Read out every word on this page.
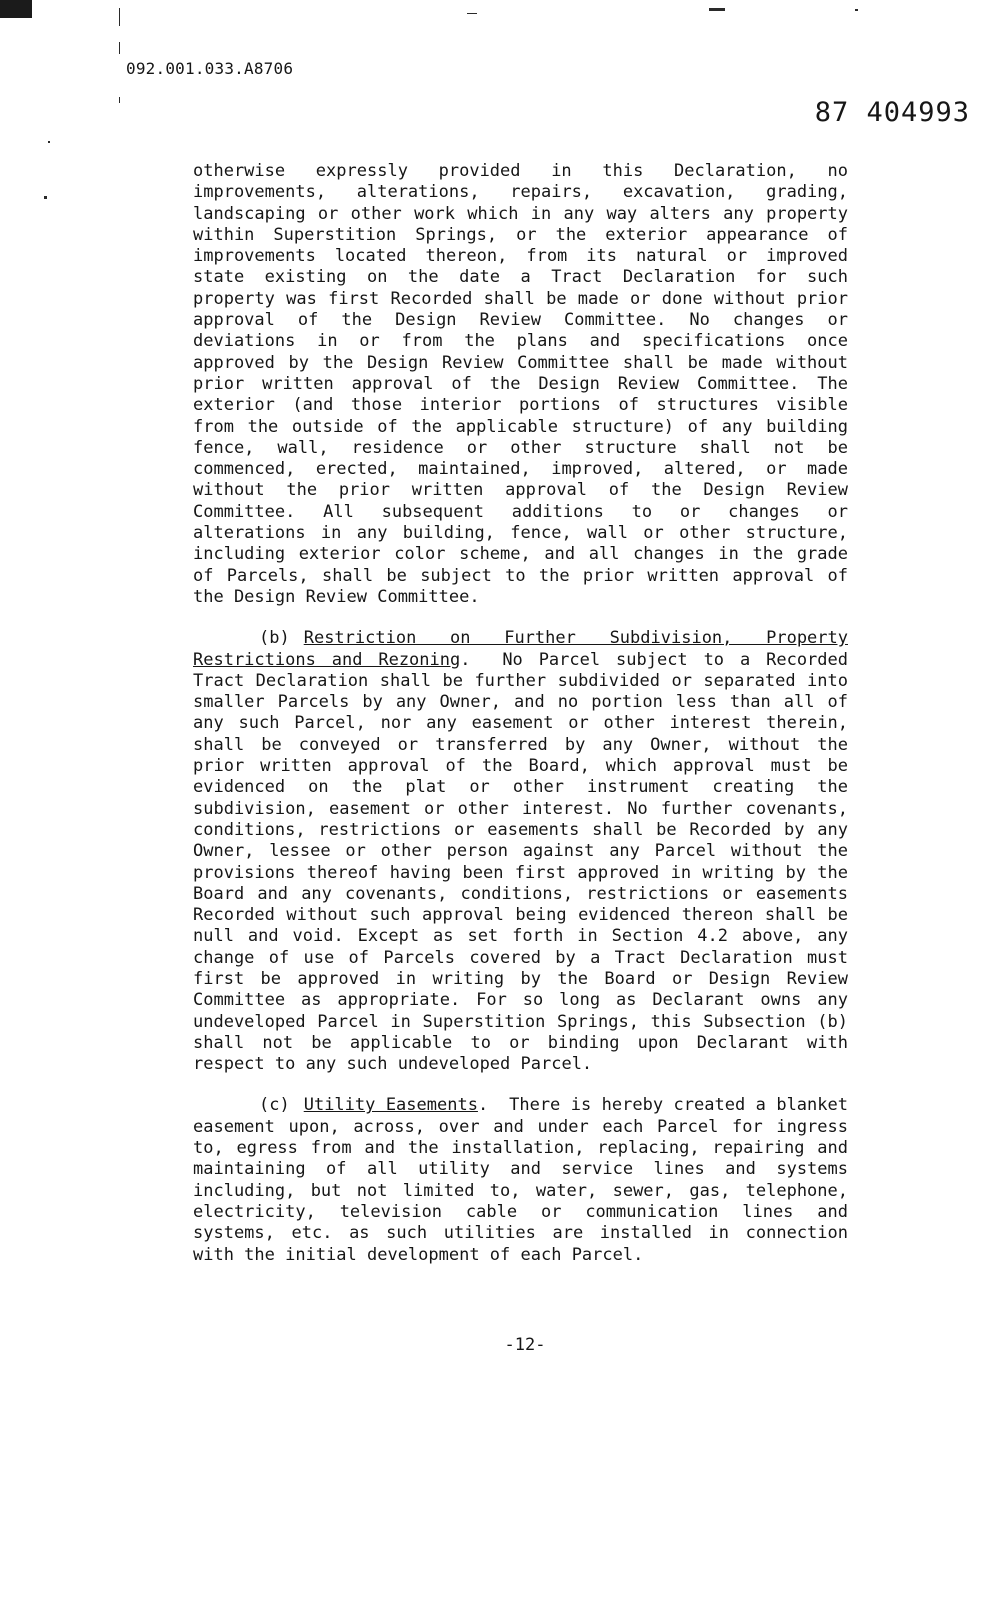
092.001.033.A8706
87 404993

otherwise expressly provided in this Declaration, no improvements, alterations, repairs, excavation, grading, landscaping or other work which in any way alters any property within Superstition Springs, or the exterior appearance of improvements located thereon, from its natural or improved state existing on the date a Tract Declaration for such property was first Recorded shall be made or done without prior approval of the Design Review Committee. No changes or deviations in or from the plans and specifications once approved by the Design Review Committee shall be made without prior written approval of the Design Review Committee. The exterior (and those interior portions of structures visible from the outside of the applicable structure) of any building fence, wall, residence or other structure shall not be commenced, erected, maintained, improved, altered, or made without the prior written approval of the Design Review Committee. All subsequent additions to or changes or alterations in any building, fence, wall or other structure, including exterior color scheme, and all changes in the grade of Parcels, shall be subject to the prior written approval of the Design Review Committee.

(b) Restriction on Further Subdivision, Property Restrictions and Rezoning. No Parcel subject to a Recorded Tract Declaration shall be further subdivided or separated into smaller Parcels by any Owner, and no portion less than all of any such Parcel, nor any easement or other interest therein, shall be conveyed or transferred by any Owner, without the prior written approval of the Board, which approval must be evidenced on the plat or other instrument creating the subdivision, easement or other interest. No further covenants, conditions, restrictions or easements shall be Recorded by any Owner, lessee or other person against any Parcel without the provisions thereof having been first approved in writing by the Board and any covenants, conditions, restrictions or easements Recorded without such approval being evidenced thereon shall be null and void. Except as set forth in Section 4.2 above, any change of use of Parcels covered by a Tract Declaration must first be approved in writing by the Board or Design Review Committee as appropriate. For so long as Declarant owns any undeveloped Parcel in Superstition Springs, this Subsection (b) shall not be applicable to or binding upon Declarant with respect to any such undeveloped Parcel.

(c) Utility Easements. There is hereby created a blanket easement upon, across, over and under each Parcel for ingress to, egress from and the installation, replacing, repairing and maintaining of all utility and service lines and systems including, but not limited to, water, sewer, gas, telephone, electricity, television cable or communication lines and systems, etc. as such utilities are installed in connection with the initial development of each Parcel.

-12-
